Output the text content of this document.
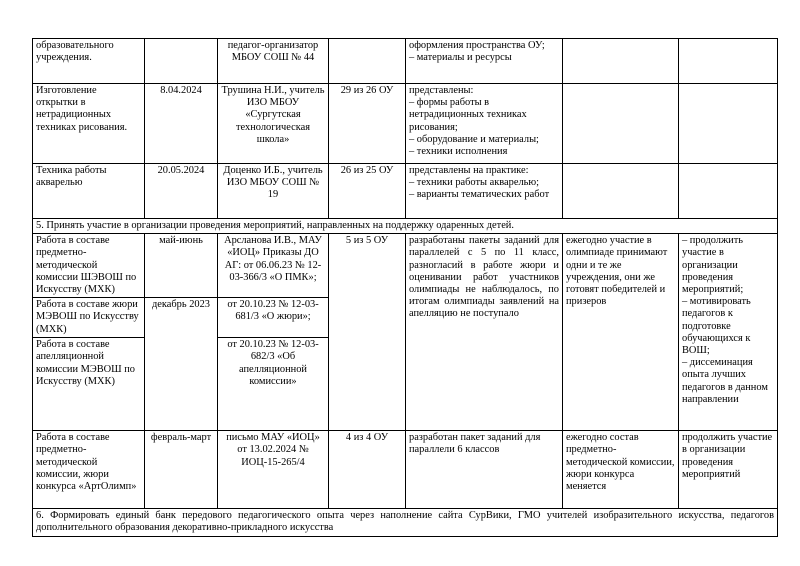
образовательного учреждения.		педагог-организатор МБОУ СОШ № 44		оформления пространства ОУ;
– материалы и ресурсы		

Изготовление открытки в нетрадиционных техниках рисования.	8.04.2024	Трушина Н.И., учитель ИЗО МБОУ «Сургутская технологическая школа»	29 из 26 ОУ	представлены:
– формы работы в нетрадиционных техниках рисования;
– оборудование и материалы;
– техники исполнения		

Техника работы акварелью	20.05.2024	Доценко И.Б., учитель ИЗО МБОУ СОШ № 19	26 из 25 ОУ	представлены на практике:
– техники работы акварелью;
– варианты тематических работ		

5. Принять участие в организации проведения мероприятий, направленных на поддержку одаренных детей.						
Работа в составе предметно-методической комиссии ШЭВОШ по Искусству (МХК)	май-июнь	Арсланова И.В., МАУ «ИОЦ» Приказы ДО АГ: от 06.06.23 № 12-03-366/3 «О ПМК»;	5 из 5 ОУ	разработаны пакеты заданий для параллелей с 5 по 11 класс, разногласий в работе жюри и оценивании работ участников олимпиады не наблюдалось, по итогам олимпиады заявлений на апелляцию не поступало	ежегодно участие в олимпиаде принимают одни и те же учреждения, они же готовят победителей и призеров	– продолжить участие в организации проведения мероприятий;
– мотивировать педагогов к подготовке обучающихся к ВОШ;
– диссеминация опыта лучших педагогов в данном направлении

Работа в составе жюри МЭВОШ по Искусству (МХК)	декабрь 2023	от 20.10.23 № 12-03-681/3 «О жюри»;				
Работа в составе апелляционной комиссии МЭВОШ по Искусству (МХК)		от 20.10.23 № 12-03-682/3 «Об апелляционной комиссии»				
Работа в составе предметно-методической комиссии, жюри конкурса «АртОлимп»	февраль-март	письмо МАУ «ИОЦ» от 13.02.2024 № ИОЦ-15-265/4	4 из 4 ОУ	разработан пакет заданий для параллели 6 классов	ежегодно состав предметно-методической комиссии, жюри конкурса меняется	продолжить участие в организации проведения мероприятий
6. Формировать единый банк передового педагогического опыта через наполнение сайта СурВики, ГМО учителей изобразительного искусства, педагогов дополнительного образования декоративно-прикладного искусства						
